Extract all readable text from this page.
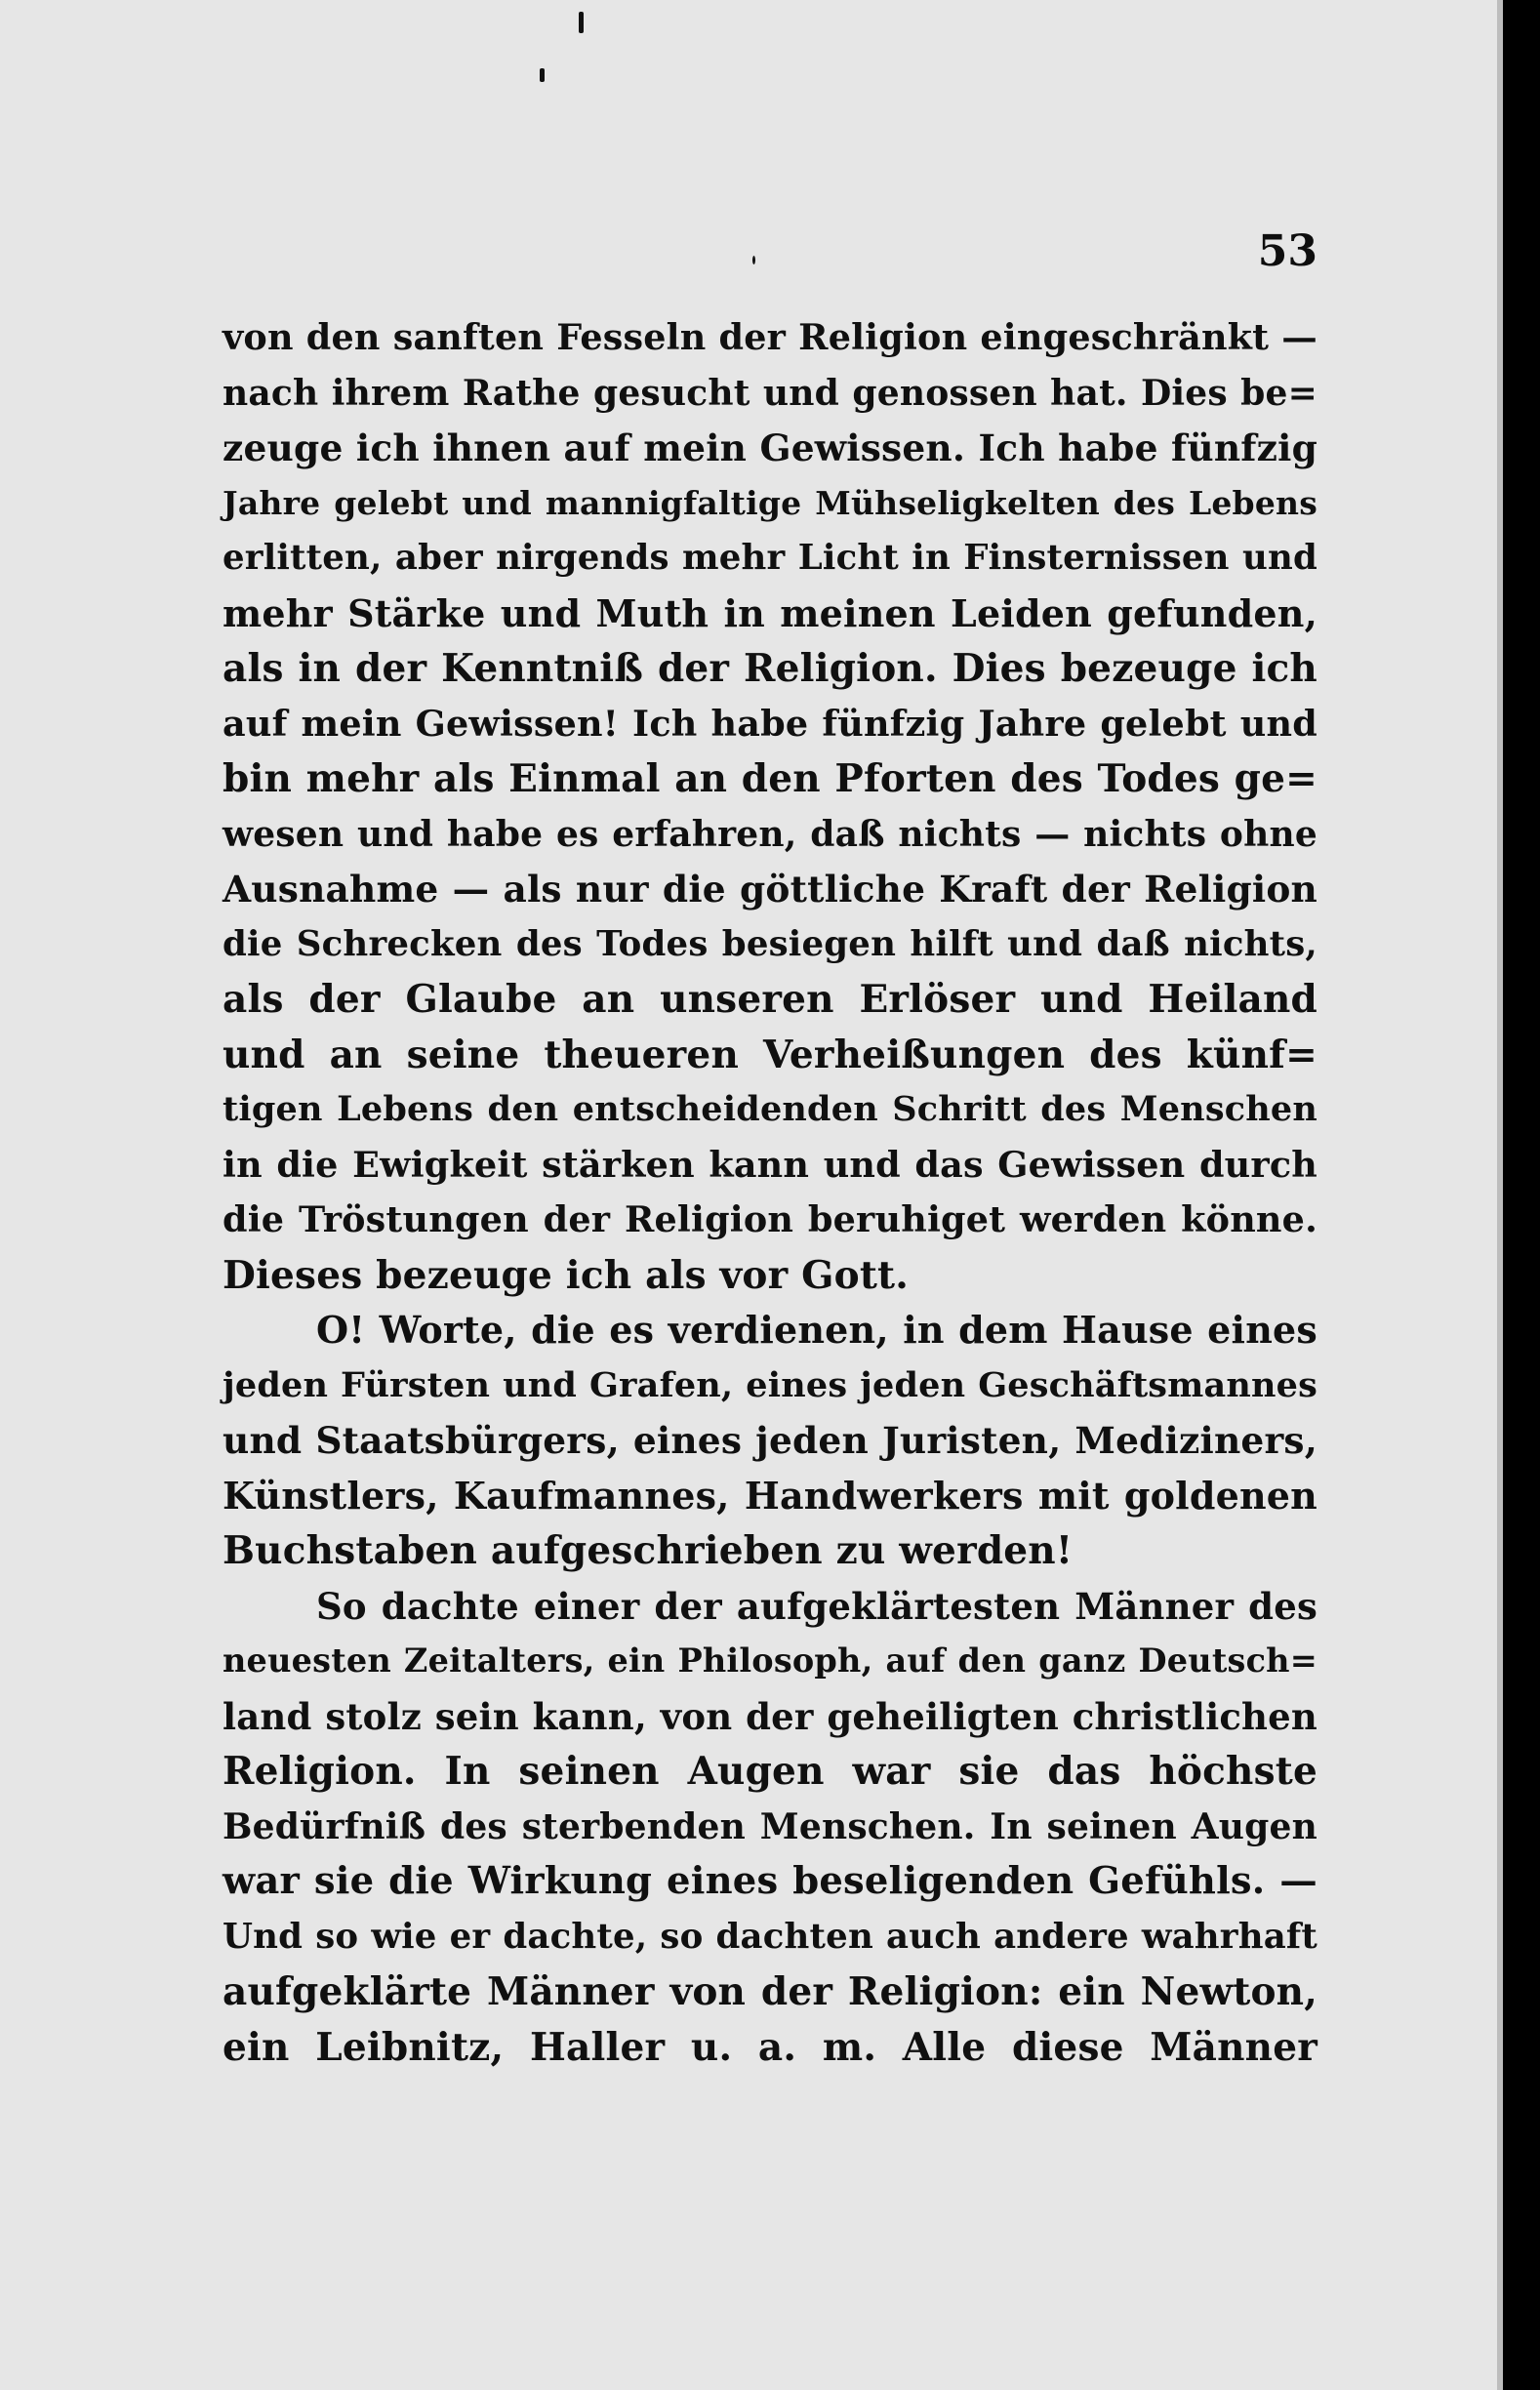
53
von den sanften Fesseln der Religion eingeschränkt —
nach ihrem Rathe gesucht und genossen hat. Dies be=
zeuge ich ihnen auf mein Gewissen. Ich habe fünfzig
Jahre gelebt und mannigfaltige Mühseligkelten des Lebens
erlitten, aber nirgends mehr Licht in Finsternissen und
mehr Stärke und Muth in meinen Leiden gefunden,
als in der Kenntniß der Religion. Dies bezeuge ich
auf mein Gewissen! Ich habe fünfzig Jahre gelebt und
bin mehr als Einmal an den Pforten des Todes ge=
wesen und habe es erfahren, daß nichts — nichts ohne
Ausnahme — als nur die göttliche Kraft der Religion
die Schrecken des Todes besiegen hilft und daß nichts,
als der Glaube an unseren Erlöser und Heiland
und an seine theueren Verheißungen des künf=
tigen Lebens den entscheidenden Schritt des Menschen
in die Ewigkeit stärken kann und das Gewissen durch
die Tröstungen der Religion beruhiget werden könne.
Dieses bezeuge ich als vor Gott.
O! Worte, die es verdienen, in dem Hause eines
jeden Fürsten und Grafen, eines jeden Geschäftsmannes
und Staatsbürgers, eines jeden Juristen, Mediziners,
Künstlers, Kaufmannes, Handwerkers mit goldenen
Buchstaben aufgeschrieben zu werden!
So dachte einer der aufgeklärtesten Männer des
neuesten Zeitalters, ein Philosoph, auf den ganz Deutsch=
land stolz sein kann, von der geheiligten christlichen
Religion. In seinen Augen war sie das höchste
Bedürfniß des sterbenden Menschen. In seinen Augen
war sie die Wirkung eines beseligenden Gefühls. —
Und so wie er dachte, so dachten auch andere wahrhaft
aufgeklärte Männer von der Religion: ein Newton,
ein Leibnitz, Haller u. a. m. Alle diese Männer
